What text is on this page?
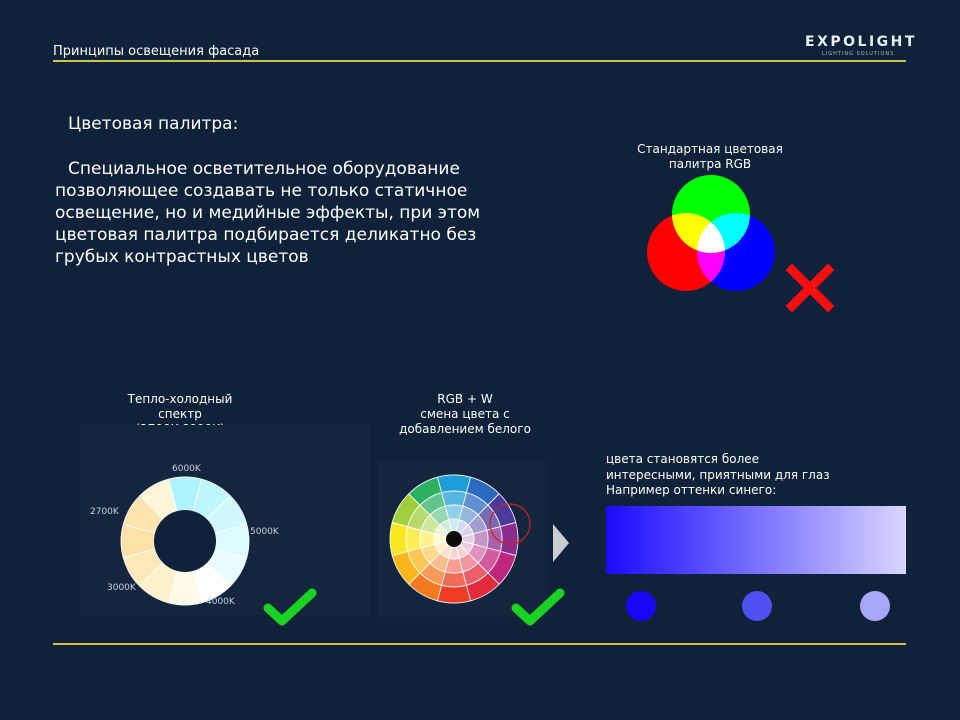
Принципы освещения фасада
EXPOLIGHT
LIGHTING SOLUTIONS
Цветовая палитра:
Специальное осветительное оборудование позволяющее создавать не только статичное освещение, но и медийные эффекты, при этом цветовая палитра подбирается деликатно без грубых контрастных цветов
Стандартная цветовая
палитра RGB
Тепло-холодный
спектр
6000K
2700K
5000K
3000K
4000K
RGB + W
смена цвета с
добавлением белого
цвета становятся более
интересными, приятными для глаз
Например оттенки синего:
